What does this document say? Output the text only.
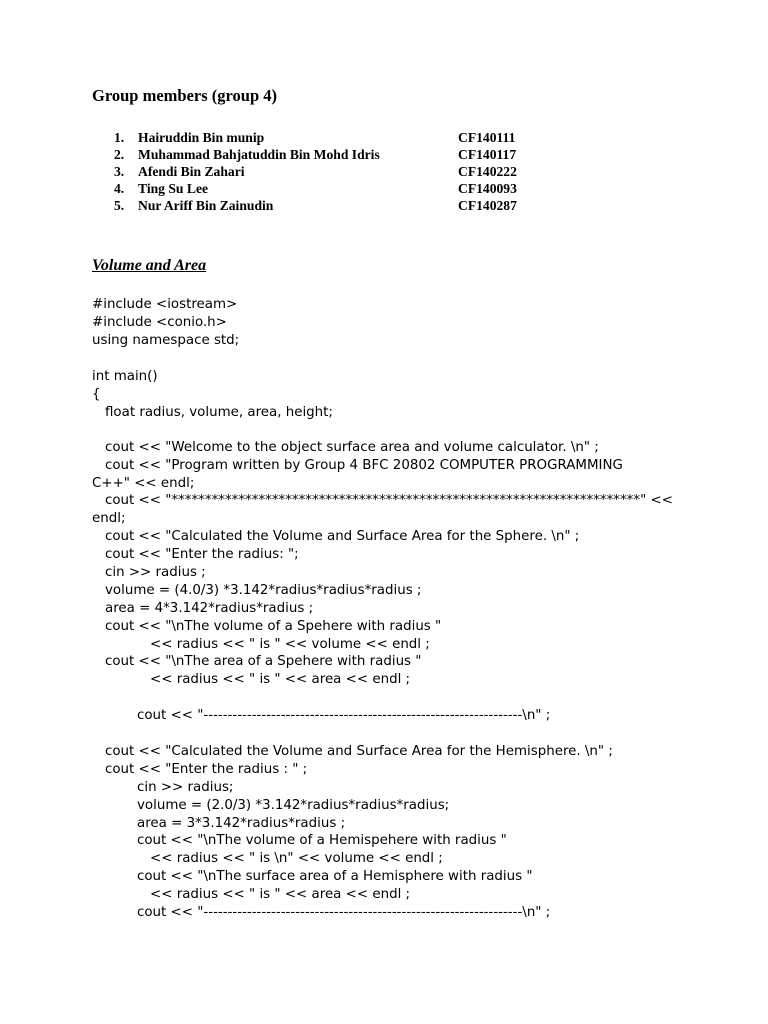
Group members (group 4)
1. Hairuddin Bin munip	CF140111
2. Muhammad Bahjatuddin Bin Mohd Idris	CF140117
3. Afendi Bin Zahari	CF140222
4. Ting Su Lee	CF140093
5. Nur Ariff Bin Zainudin	CF140287
Volume and Area
#include <iostream>
#include <conio.h>
using namespace std;
int main()
{
float radius, volume, area, height;
cout << "Welcome to the object surface area and volume calculator. \n" ;
cout << "Program written by Group 4 BFC 20802 COMPUTER PROGRAMMING
C++" << endl;
cout << "**********************************************************************" <<
endl;
cout << "Calculated the Volume and Surface Area for the Sphere. \n" ;
cout << "Enter the radius: ";
cin >> radius ;
volume = (4.0/3) *3.142*radius*radius*radius ;
area = 4*3.142*radius*radius ;
cout << "\nThe volume of a Spehere with radius "
<< radius << " is " << volume << endl ;
cout << "\nThe area of a Spehere with radius "
<< radius << " is " << area << endl ;
cout << "------------------------------------------------------------------\n" ;
cout << "Calculated the Volume and Surface Area for the Hemisphere. \n" ;
cout << "Enter the radius : " ;
cin >> radius;
volume = (2.0/3) *3.142*radius*radius*radius;
area = 3*3.142*radius*radius ;
cout << "\nThe volume of a Hemispehere with radius "
<< radius << " is \n" << volume << endl ;
cout << "\nThe surface area of a Hemisphere with radius "
<< radius << " is " << area << endl ;
cout << "------------------------------------------------------------------\n" ;
